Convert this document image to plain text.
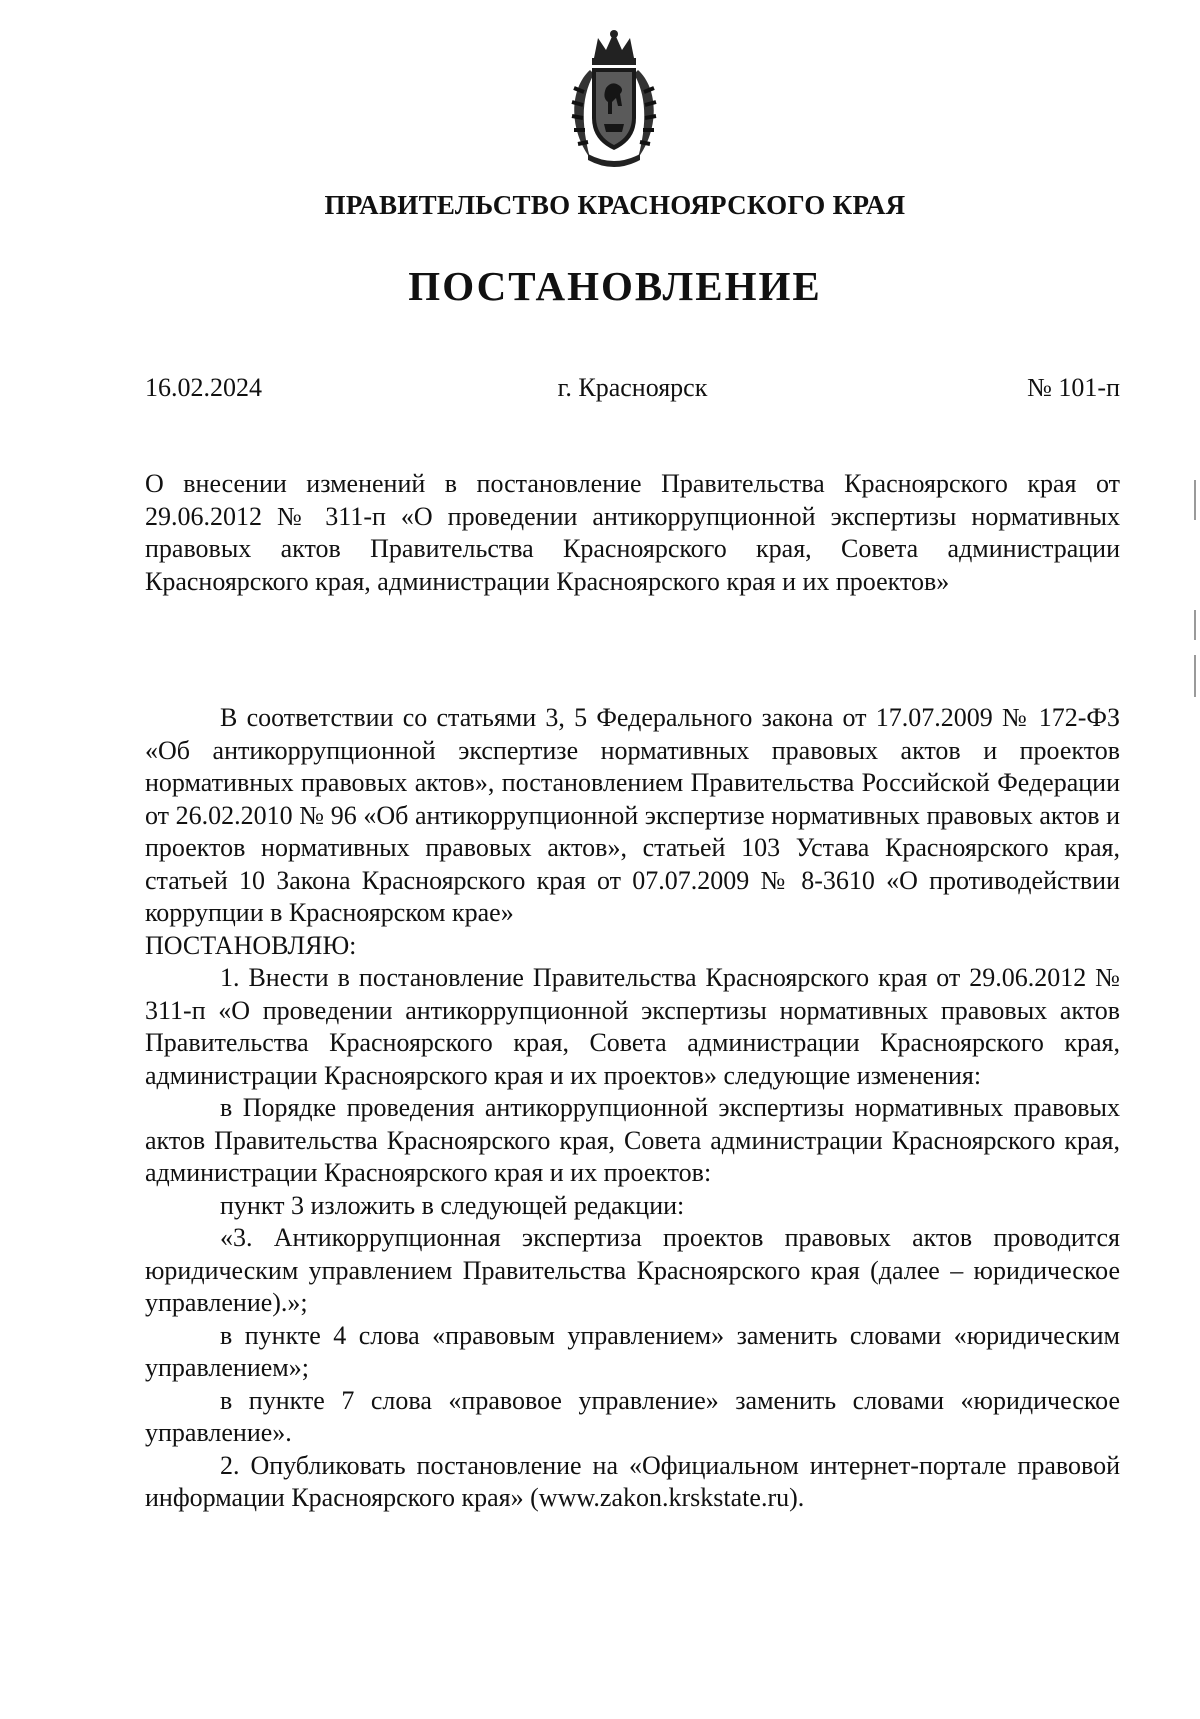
ПРАВИТЕЛЬСТВО КРАСНОЯРСКОГО КРАЯ
ПОСТАНОВЛЕНИЕ
г. Красноярск
16.02.2024	№ 101-п
О внесении изменений в постановление Правительства Красноярского края от 29.06.2012 № 311-п «О проведении антикоррупционной экспертизы нормативных правовых актов Правительства Красноярского края, Совета администрации Красноярского края, администрации Красноярского края и их проектов»

В соответствии со статьями 3, 5 Федерального закона от 17.07.2009 № 172-ФЗ «Об антикоррупционной экспертизе нормативных правовых актов и проектов нормативных правовых актов», постановлением Правительства Российской Федерации от 26.02.2010 № 96 «Об антикоррупционной экспертизе нормативных правовых актов и проектов нормативных правовых актов», статьей 103 Устава Красноярского края, статьей 10 Закона Красноярского края от 07.07.2009 № 8-3610 «О противодействии коррупции в Красноярском крае»

ПОСТАНОВЛЯЮ:

1. Внести в постановление Правительства Красноярского края от 29.06.2012 № 311-п «О проведении антикоррупционной экспертизы нормативных правовых актов Правительства Красноярского края, Совета администрации Красноярского края, администрации Красноярского края и их проектов» следующие изменения:

в Порядке проведения антикоррупционной экспертизы нормативных правовых актов Правительства Красноярского края, Совета администрации Красноярского края, администрации Красноярского края и их проектов:

пункт 3 изложить в следующей редакции:

«3. Антикоррупционная экспертиза проектов правовых актов проводится юридическим управлением Правительства Красноярского края (далее – юридическое управление).»;

в пункте 4 слова «правовым управлением» заменить словами «юридическим управлением»;

в пункте 7 слова «правовое управление» заменить словами «юридическое управление».

2. Опубликовать постановление на «Официальном интернет-портале правовой информации Красноярского края» (www.zakon.krskstate.ru).
